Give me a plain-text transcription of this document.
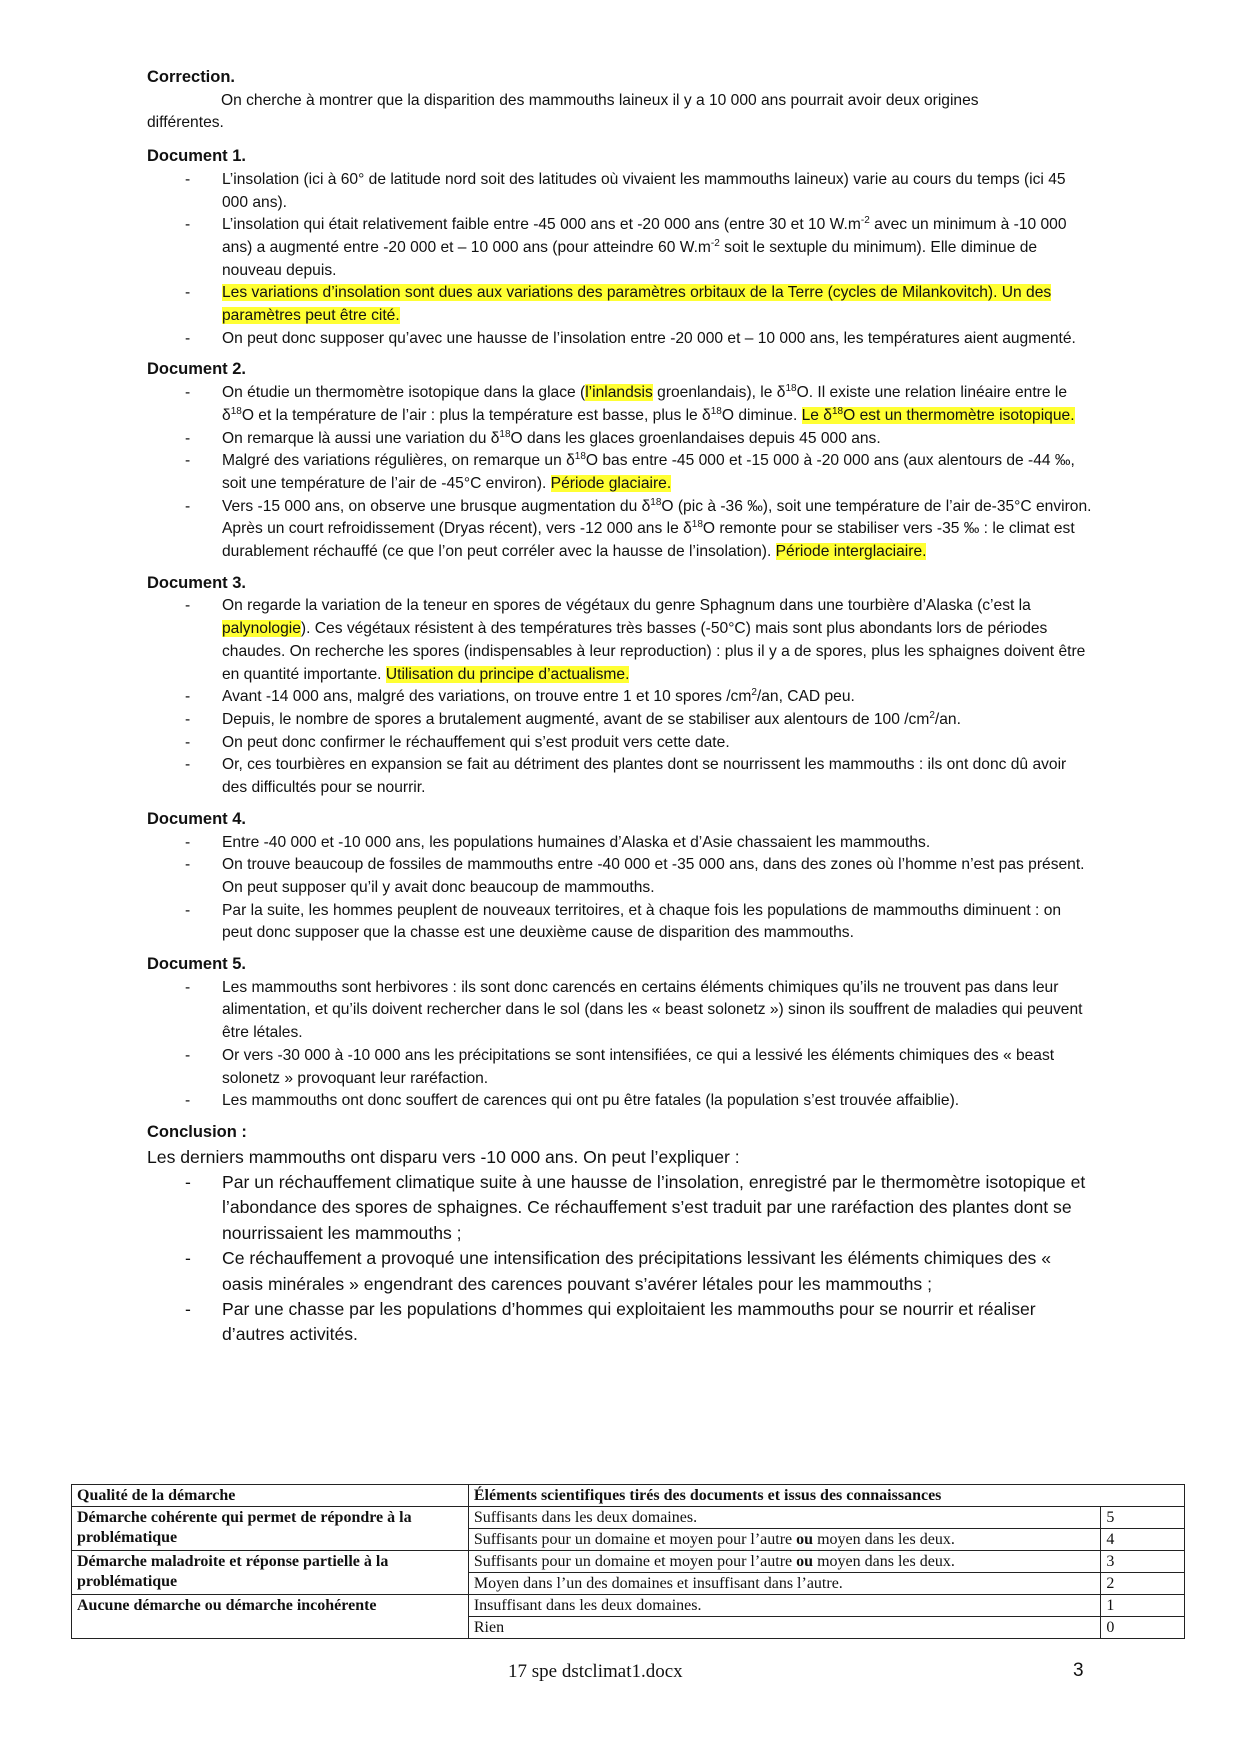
Correction.

On cherche à montrer que la disparition des mammouths laineux il y a 10 000 ans pourrait avoir deux origines
différentes.

Document 1.
- L’insolation (ici à 60° de latitude nord soit des latitudes où vivaient les mammouths laineux) varie au cours du temps (ici 45 000 ans).
- L’insolation qui était relativement faible entre -45 000 ans et -20 000 ans (entre 30 et 10 $W.m^{-2}$ avec un minimum à -10 000 ans) a augmenté entre -20 000 et – 10 000 ans (pour atteindre 60 $W.m^{-2}$ soit le sextuple du minimum). Elle diminue de nouveau depuis.
- Les variations d’insolation sont dues aux variations des paramètres orbitaux de la Terre (cycles de Milankovitch). Un des paramètres peut être cité.
- On peut donc supposer qu’avec une hausse de l’insolation entre -20 000 et – 10 000 ans, les températures aient augmenté.
Document 2.
- On étudie un thermomètre isotopique dans la glace (l’inlandsis groenlandais), le $\delta^{18}O$. Il existe une relation linéaire entre le $\delta^{18}O$ et la température de l’air : plus la température est basse, plus le $\delta^{18}O$ diminue. Le $\delta^{18}O$ est un thermomètre isotopique.
- On remarque là aussi une variation du $\delta^{18}O$ dans les glaces groenlandaises depuis 45 000 ans.
- Malgré des variations régulières, on remarque un $\delta^{18}O$ bas entre -45 000 et -15 000 à -20 000 ans (aux alentours de -44 ‰, soit une température de l’air de -45°C environ). Période glaciaire.
- Vers -15 000 ans, on observe une brusque augmentation du $\delta^{18}O$ (pic à -36 ‰), soit une température de l’air de-35°C environ. Après un court refroidissement (Dryas récent), vers -12 000 ans le $\delta^{18}O$ remonte pour se stabiliser vers -35 ‰ : le climat est durablement réchauffé (ce que l’on peut corréler avec la hausse de l’insolation). Période interglaciaire.
Document 3.
- On regarde la variation de la teneur en spores de végétaux du genre Sphagnum dans une tourbière d’Alaska (c’est la palynologie). Ces végétaux résistent à des températures très basses (-50°C) mais sont plus abondants lors de périodes chaudes. On recherche les spores (indispensables à leur reproduction) : plus il y a de spores, plus les sphaignes doivent être en quantité importante. Utilisation du principe d’actualisme.
- Avant -14 000 ans, malgré des variations, on trouve entre 1 et 10 spores $/cm^2/an$, CAD peu.
- Depuis, le nombre de spores a brutalement augmenté, avant de se stabiliser aux alentours de 100 $/cm^2/an$.
- On peut donc confirmer le réchauffement qui s’est produit vers cette date.
- Or, ces tourbières en expansion se fait au détriment des plantes dont se nourrissent les mammouths : ils ont donc dû avoir des difficultés pour se nourrir.
Document 4.
- Entre -40 000 et -10 000 ans, les populations humaines d’Alaska et d’Asie chassaient les mammouths.
- On trouve beaucoup de fossiles de mammouths entre -40 000 et -35 000 ans, dans des zones où l’homme n’est pas présent. On peut supposer qu’il y avait donc beaucoup de mammouths.
- Par la suite, les hommes peuplent de nouveaux territoires, et à chaque fois les populations de mammouths diminuent : on peut donc supposer que la chasse est une deuxième cause de disparition des mammouths.
Document 5.
- Les mammouths sont herbivores : ils sont donc carencés en certains éléments chimiques qu’ils ne trouvent pas dans leur alimentation, et qu’ils doivent rechercher dans le sol (dans les « beast solonetz ») sinon ils souffrent de maladies qui peuvent être létales.
- Or vers -30 000 à -10 000 ans les précipitations se sont intensifiées, ce qui a lessivé les éléments chimiques des « beast solonetz » provoquant leur raréfaction.
- Les mammouths ont donc souffert de carences qui ont pu être fatales (la population s’est trouvée affaiblie).
Conclusion :

Les derniers mammouths ont disparu vers -10 000 ans. On peut l’expliquer :

- Par un réchauffement climatique suite à une hausse de l’insolation, enregistré par le thermomètre isotopique et l’abondance des spores de sphaignes. Ce réchauffement s’est traduit par une raréfaction des plantes dont se nourrissaient les mammouths ;
- Ce réchauffement a provoqué une intensification des précipitations lessivant les éléments chimiques des « oasis minérales » engendrant des carences pouvant s’avérer létales pour les mammouths ;
- Par une chasse par les populations d’hommes qui exploitaient les mammouths pour se nourrir et réaliser d’autres activités.
Qualité de la démarche	Éléments scientifiques tirés des documents et issus des connaissances	
Démarche cohérente qui permet de répondre à la problématique	Suffisants dans les deux domaines.	5
	Suffisants pour un domaine et moyen pour l’autre ou moyen dans les deux.	4
Démarche maladroite et réponse partielle à la problématique	Suffisants pour un domaine et moyen pour l’autre ou moyen dans les deux.	3
	Moyen dans l’un des domaines et insuffisant dans l’autre.	2
Aucune démarche ou démarche incohérente	Insuffisant dans les deux domaines.	1
	Rien	0
17 spe dstclimat1.docx	3
